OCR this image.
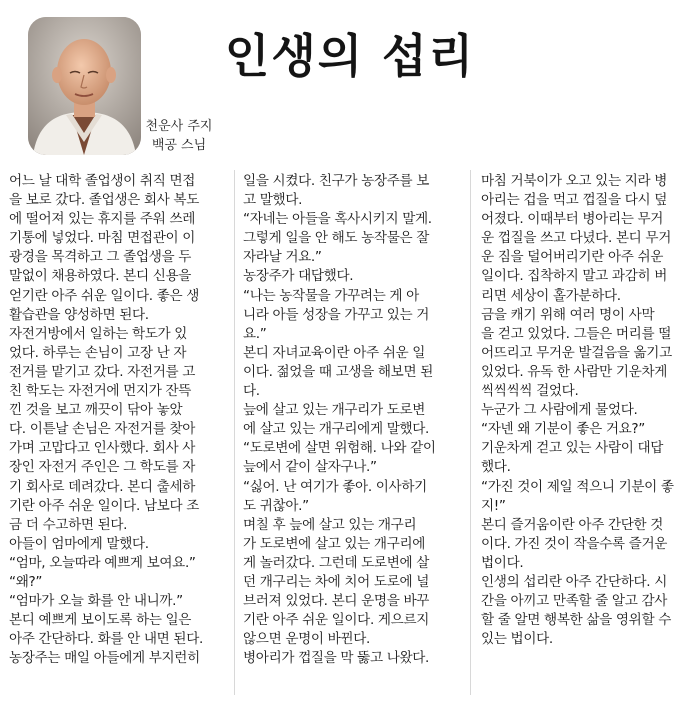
인생의 섭리
천운사 주지
백공 스님

어느 날 대학 졸업생이 취직 면접

을 보로 갔다. 졸업생은 회사 복도

에 떨어져 있는 휴지를 주워 쓰레

기통에 넣었다. 마침 면접관이 이

광경을 목격하고 그 졸업생을 두

말없이 채용하였다. 본디 신용을

얻기란 아주 쉬운 일이다. 좋은 생

활습관을 양성하면 된다.

자전거방에서 일하는 학도가 있

었다. 하루는 손님이 고장 난 자

전거를 맡기고 갔다. 자전거를 고

친 학도는 자전거에 먼지가 잔뜩

낀 것을 보고 깨끗이 닦아 놓았

다. 이튿날 손님은 자전거를 찾아

가며 고맙다고 인사했다. 회사 사

장인 자전거 주인은 그 학도를 자

기 회사로 데려갔다. 본디 출세하

기란 아주 쉬운 일이다. 남보다 조

금 더 수고하면 된다.

아들이 엄마에게 말했다.

“엄마, 오늘따라 예쁘게 보여요.”

“왜?”

“엄마가 오늘 화를 안 내니까.”

본디 예쁘게 보이도록 하는 일은

아주 간단하다. 화를 안 내면 된다.

농장주는 매일 아들에게 부지런히

일을 시켰다. 친구가 농장주를 보

고 말했다.

“자네는 아들을 혹사시키지 말게.

그렇게 일을 안 해도 농작물은 잘

자라날 거요.”

농장주가 대답했다.

“나는 농작물을 가꾸려는 게 아

니라 아들 성장을 가꾸고 있는 거

요.”

본디 자녀교육이란 아주 쉬운 일

이다. 젊었을 때 고생을 해보면 된

다.

늪에 살고 있는 개구리가 도로변

에 살고 있는 개구리에게 말했다.

“도로변에 살면 위험해. 나와 같이

늪에서 같이 살자구나.”

“싫어. 난 여기가 좋아. 이사하기

도 귀찮아.”

며칠 후 늪에 살고 있는 개구리

가 도로변에 살고 있는 개구리에

게 놀러갔다. 그런데 도로변에 살

던 개구리는 차에 치어 도로에 널

브러져 있었다. 본디 운명을 바꾸

기란 아주 쉬운 일이다. 게으르지

않으면 운명이 바뀐다.

병아리가 껍질을 막 뚫고 나왔다.

마침 거북이가 오고 있는 지라 병

아리는 겁을 먹고 껍질을 다시 덮

어졌다. 이때부터 병아리는 무거

운 껍질을 쓰고 다녔다. 본디 무거

운 짐을 덜어버리기란 아주 쉬운

일이다. 집착하지 말고 과감히 버

리면 세상이 홀가분하다.

금을 캐기 위해 여러 명이 사막

을 걷고 있었다. 그들은 머리를 떨

어뜨리고 무거운 발걸음을 옮기고

있었다. 유독 한 사람만 기운차게

씩씩씩씩 걸었다.

누군가 그 사람에게 물었다.

“자넨 왜 기분이 좋은 거요?”

기운차게 걷고 있는 사람이 대답

했다.

“가진 것이 제일 적으니 기분이 좋

지!”

본디 즐거움이란 아주 간단한 것

이다. 가진 것이 작을수록 즐거운

법이다.

인생의 섭리란 아주 간단하다. 시

간을 아끼고 만족할 줄 알고 감사

할 줄 알면 행복한 삶을 영위할 수

있는 법이다.
